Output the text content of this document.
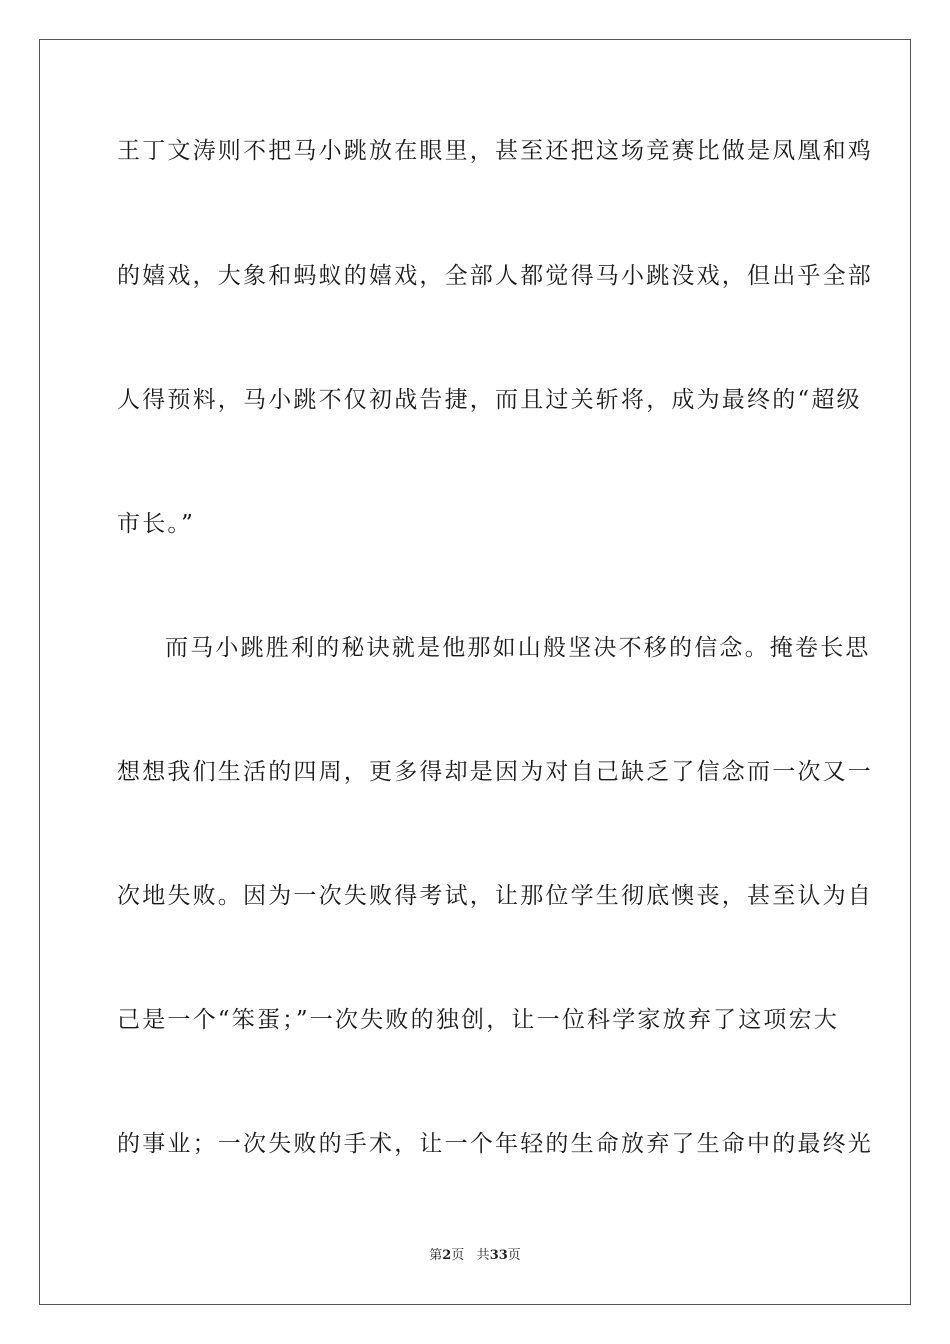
王丁文涛则不把马小跳放在眼里，甚至还把这场竞赛比做是凤凰和鸡
的嬉戏，大象和蚂蚁的嬉戏，全部人都觉得马小跳没戏，但出乎全部
人得预料，马小跳不仅初战告捷，而且过关斩将，成为最终的“超级
市长。”
而马小跳胜利的秘诀就是他那如山般坚决不移的信念。掩卷长思
想想我们生活的四周，更多得却是因为对自己缺乏了信念而一次又一
次地失败。因为一次失败得考试，让那位学生彻底懊丧，甚至认为自
己是一个“笨蛋；”一次失败的独创，让一位科学家放弃了这项宏大
的事业；一次失败的手术，让一个年轻的生命放弃了生命中的最终光
第2页 共33页
